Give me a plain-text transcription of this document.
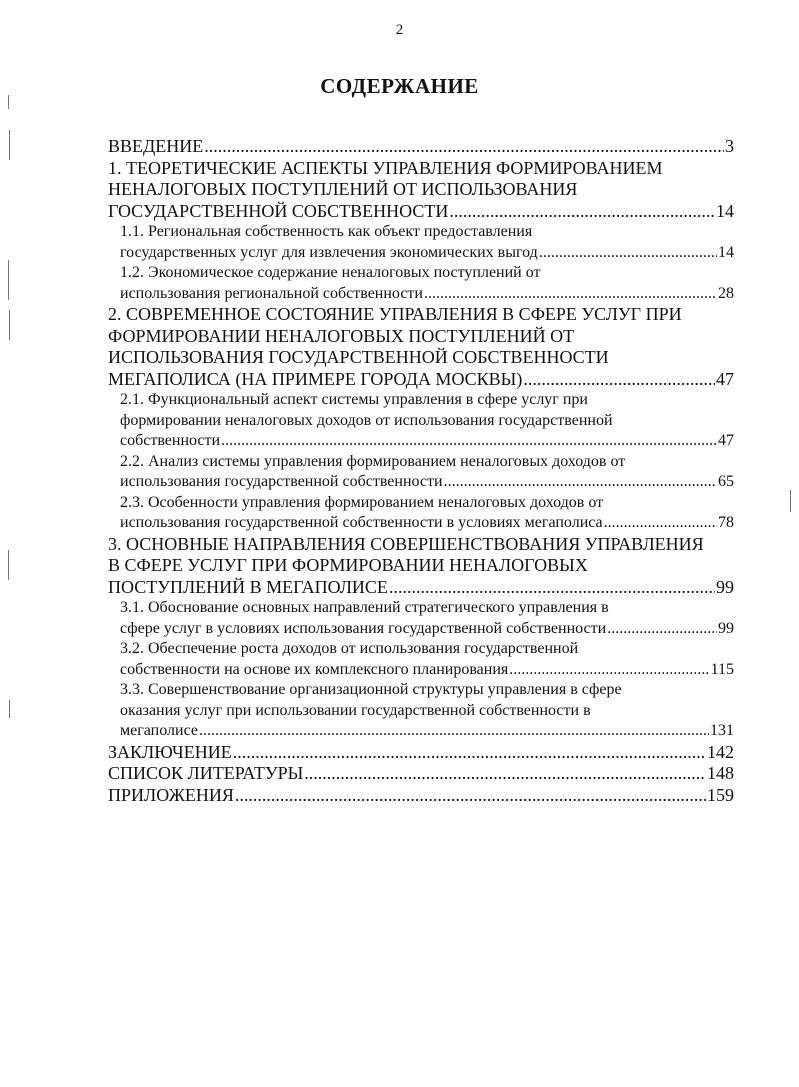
2
СОДЕРЖАНИЕ
ВВЕДЕНИЕ .....	3
1. ТЕОРЕТИЧЕСКИЕ АСПЕКТЫ УПРАВЛЕНИЯ ФОРМИРОВАНИЕМ
НЕНАЛОГОВЫХ ПОСТУПЛЕНИЙ ОТ ИСПОЛЬЗОВАНИЯ
ГОСУДАРСТВЕННОЙ СОБСТВЕННОСТИ .....	14
1.1. Региональная собственность как объект предоставления
государственных услуг для извлечения экономических выгод .....	14
1.2. Экономическое содержание неналоговых поступлений от
использования региональной собственности .....	28
2. СОВРЕМЕННОЕ СОСТОЯНИЕ УПРАВЛЕНИЯ В СФЕРЕ УСЛУГ ПРИ
ФОРМИРОВАНИИ НЕНАЛОГОВЫХ ПОСТУПЛЕНИЙ ОТ
ИСПОЛЬЗОВАНИЯ ГОСУДАРСТВЕННОЙ СОБСТВЕННОСТИ
МЕГАПОЛИСА (НА ПРИМЕРЕ ГОРОДА МОСКВЫ) .....	47
2.1. Функциональный аспект системы управления в сфере услуг при
формировании неналоговых доходов от использования государственной
собственности .....	47
2.2. Анализ системы управления формированием неналоговых доходов от
использования государственной собственности .....	65
2.3. Особенности управления формированием неналоговых доходов от
использования государственной собственности в условиях мегаполиса .....	78
3. ОСНОВНЫЕ НАПРАВЛЕНИЯ СОВЕРШЕНСТВОВАНИЯ УПРАВЛЕНИЯ
В СФЕРЕ УСЛУГ ПРИ ФОРМИРОВАНИИ НЕНАЛОГОВЫХ
ПОСТУПЛЕНИЙ В МЕГАПОЛИСЕ .....	99
3.1. Обоснование основных направлений стратегического управления в
сфере услуг в условиях использования государственной собственности .....	99
3.2. Обеспечение роста доходов от использования государственной
собственности на основе их комплексного планирования .....	115
3.3. Совершенствование организационной структуры управления в сфере
оказания услуг при использовании государственной собственности в
мегаполисе .....	131
ЗАКЛЮЧЕНИЕ .....	142
СПИСОК ЛИТЕРАТУРЫ .....	148
ПРИЛОЖЕНИЯ .....	159
